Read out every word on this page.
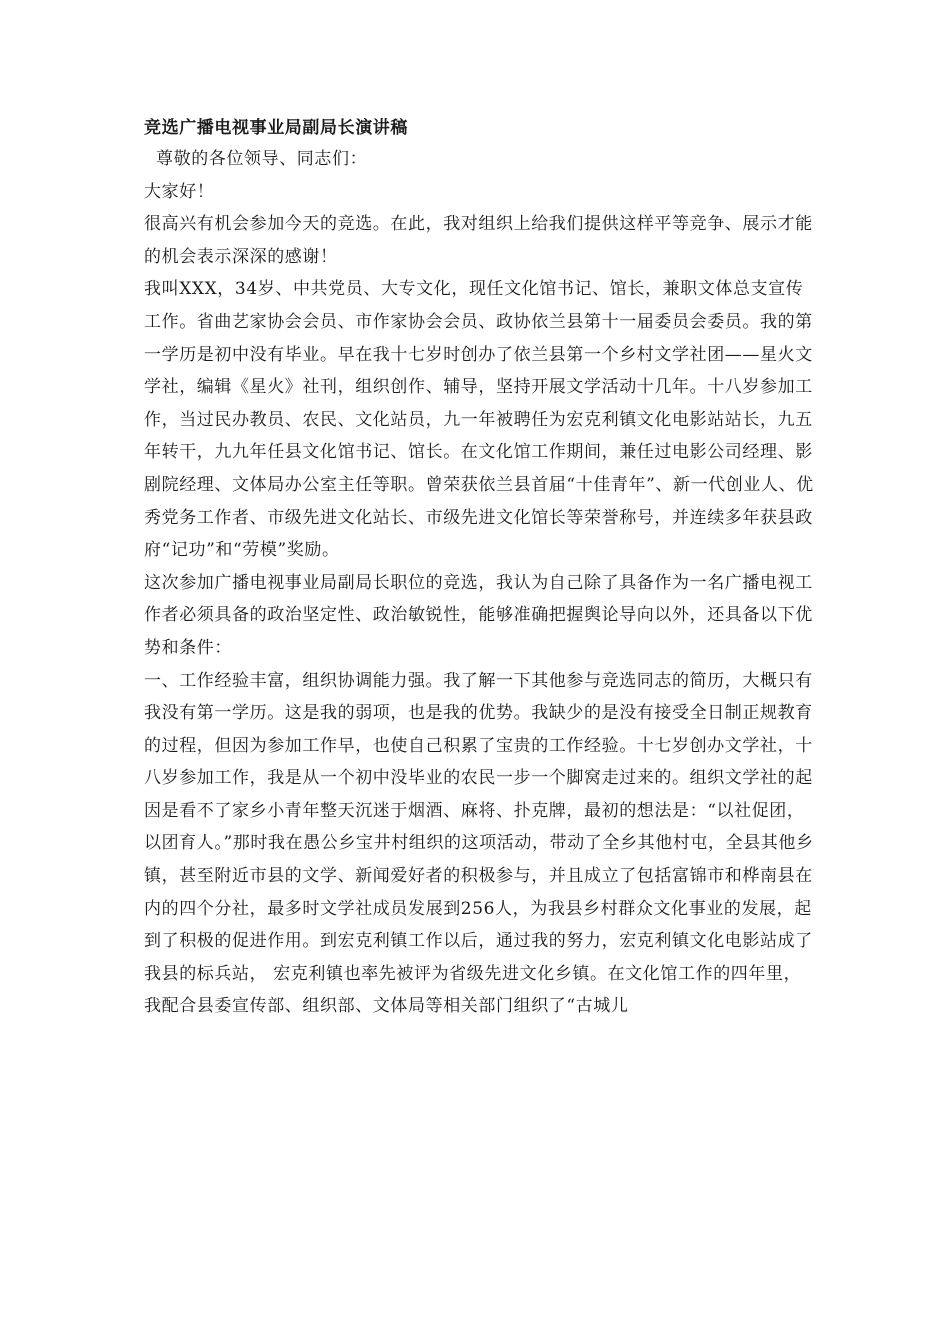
竞选广播电视事业局副局长演讲稿

尊敬的各位领导、同志们：

大家好！

很高兴有机会参加今天的竞选。在此，我对组织上给我们提供这样平等竞争、展示才能的机会表示深深的感谢！

我叫XXX，34岁、中共党员、大专文化，现任文化馆书记、馆长，兼职文体总支宣传工作。省曲艺家协会会员、市作家协会会员、政协依兰县第十一届委员会委员。我的第一学历是初中没有毕业。早在我十七岁时创办了依兰县第一个乡村文学社团——星火文学社，编辑《星火》社刊，组织创作、辅导，坚持开展文学活动十几年。十八岁参加工作，当过民办教员、农民、文化站员，九一年被聘任为宏克利镇文化电影站站长，九五年转干，九九年任县文化馆书记、馆长。在文化馆工作期间，兼任过电影公司经理、影剧院经理、文体局办公室主任等职。曾荣获依兰县首届“十佳青年”、新一代创业人、优秀党务工作者、市级先进文化站长、市级先进文化馆长等荣誉称号，并连续多年获县政府“记功”和“劳模”奖励。

这次参加广播电视事业局副局长职位的竞选，我认为自己除了具备作为一名广播电视工作者必须具备的政治坚定性、政治敏锐性，能够准确把握舆论导向以外，还具备以下优势和条件：

一、工作经验丰富，组织协调能力强。我了解一下其他参与竞选同志的简历，大概只有我没有第一学历。这是我的弱项，也是我的优势。我缺少的是没有接受全日制正规教育的过程，但因为参加工作早，也使自己积累了宝贵的工作经验。十七岁创办文学社，十八岁参加工作，我是从一个初中没毕业的农民一步一个脚窝走过来的。组织文学社的起因是看不了家乡小青年整天沉迷于烟酒、麻将、扑克牌，最初的想法是：“以社促团，以团育人。”那时我在愚公乡宝井村组织的这项活动，带动了全乡其他村屯，全县其他乡镇，甚至附近市县的文学、新闻爱好者的积极参与，并且成立了包括富锦市和桦南县在内的四个分社，最多时文学社成员发展到256人，为我县乡村群众文化事业的发展，起到了积极的促进作用。到宏克利镇工作以后，通过我的努力，宏克利镇文化电影站成了我县的标兵站， 宏克利镇也率先被评为省级先进文化乡镇。在文化馆工作的四年里，我配合县委宣传部、组织部、文体局等相关部门组织了“古城儿
